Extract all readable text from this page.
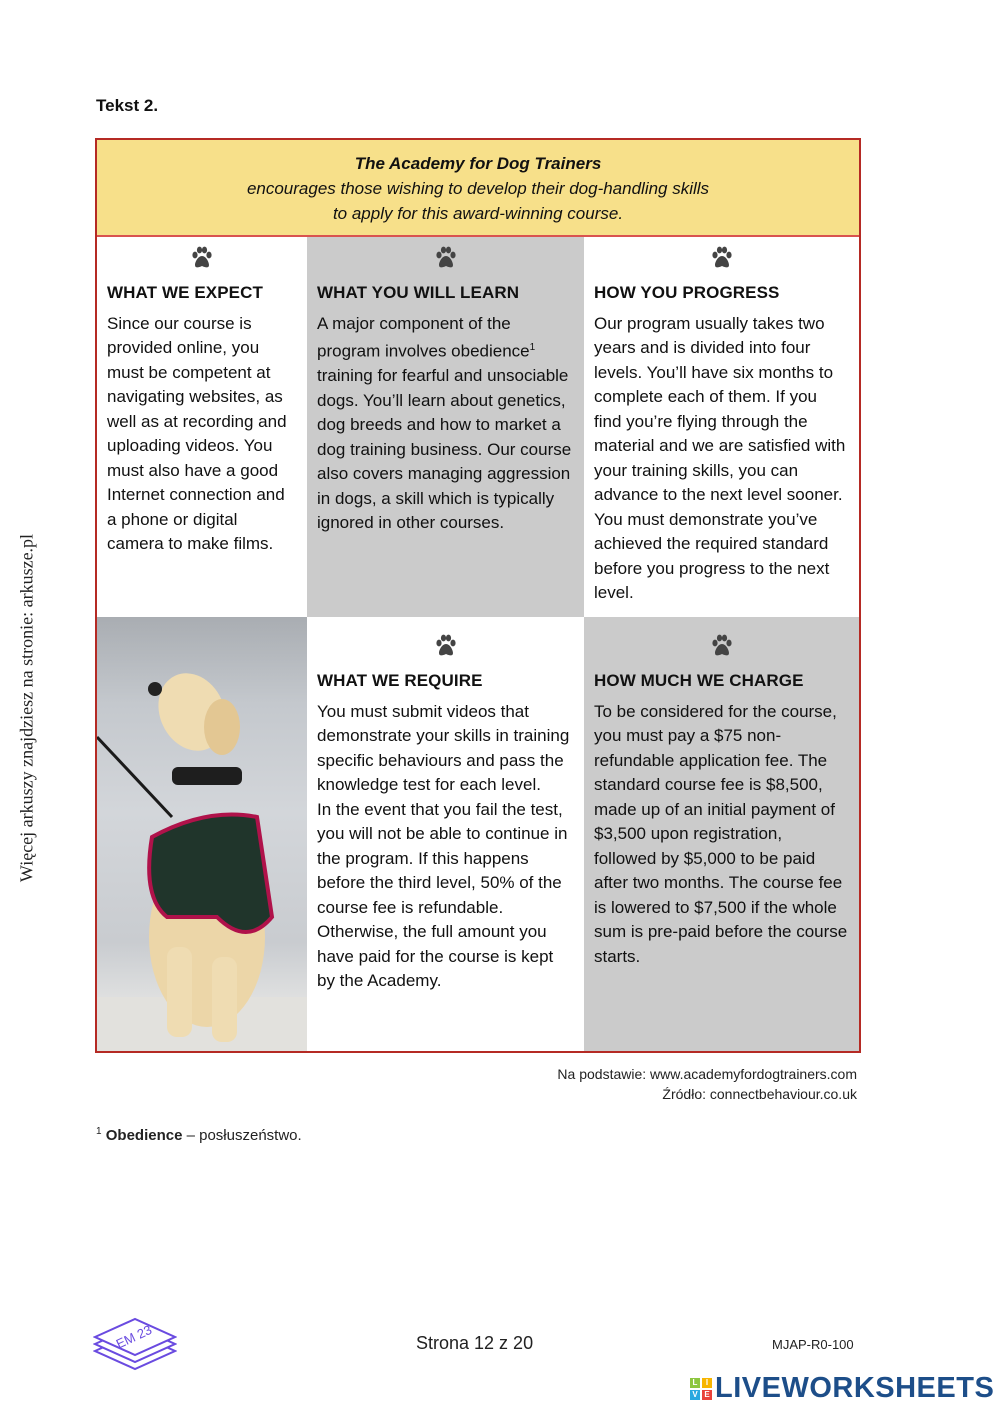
Tekst 2.
Więcej arkuszy znajdziesz na stronie: arkusze.pl
The Academy for Dog Trainers
encourages those wishing to develop their dog-handling skills
to apply for this award-winning course.
WHAT WE EXPECT

Since our course is provided online, you must be competent at navigating websites, as well as at recording and uploading videos. You must also have a good Internet connection and a phone or digital camera to make films.

WHAT YOU WILL LEARN

A major component of the program involves obedience$^1$ training for fearful and unsociable dogs. You’ll learn about genetics, dog breeds and how to market a dog training business. Our course also covers managing aggression in dogs, a skill which is typically ignored in other courses.

HOW YOU PROGRESS

Our program usually takes two years and is divided into four levels. You’ll have six months to complete each of them. If you find you’re flying through the material and we are satisfied with your training skills, you can advance to the next level sooner. You must demonstrate you’ve achieved the required standard before you progress to the next level.

WHAT WE REQUIRE

You must submit videos that demonstrate your skills in training specific behaviours and pass the knowledge test for each level.

In the event that you fail the test, you will not be able to continue in the program. If this happens before the third level, 50% of the course fee is refundable. Otherwise, the full amount you have paid for the course is kept by the Academy.

HOW MUCH WE CHARGE

To be considered for the course, you must pay a $75 non-refundable application fee. The standard course fee is $8,500, made up of an initial payment of $3,500 upon registration, followed by $5,000 to be paid after two months. The course fee is lowered to $7,500 if the whole sum is pre-paid before the course starts.

Na podstawie: www.academyfordogtrainers.com
Źródło: connectbehaviour.co.uk
$^1$ Obedience – posłuszeństwo.
EM 23	Strona 12 z 20	MJAP-R0-100
L	I
V E LIVEWORKSHEETS
